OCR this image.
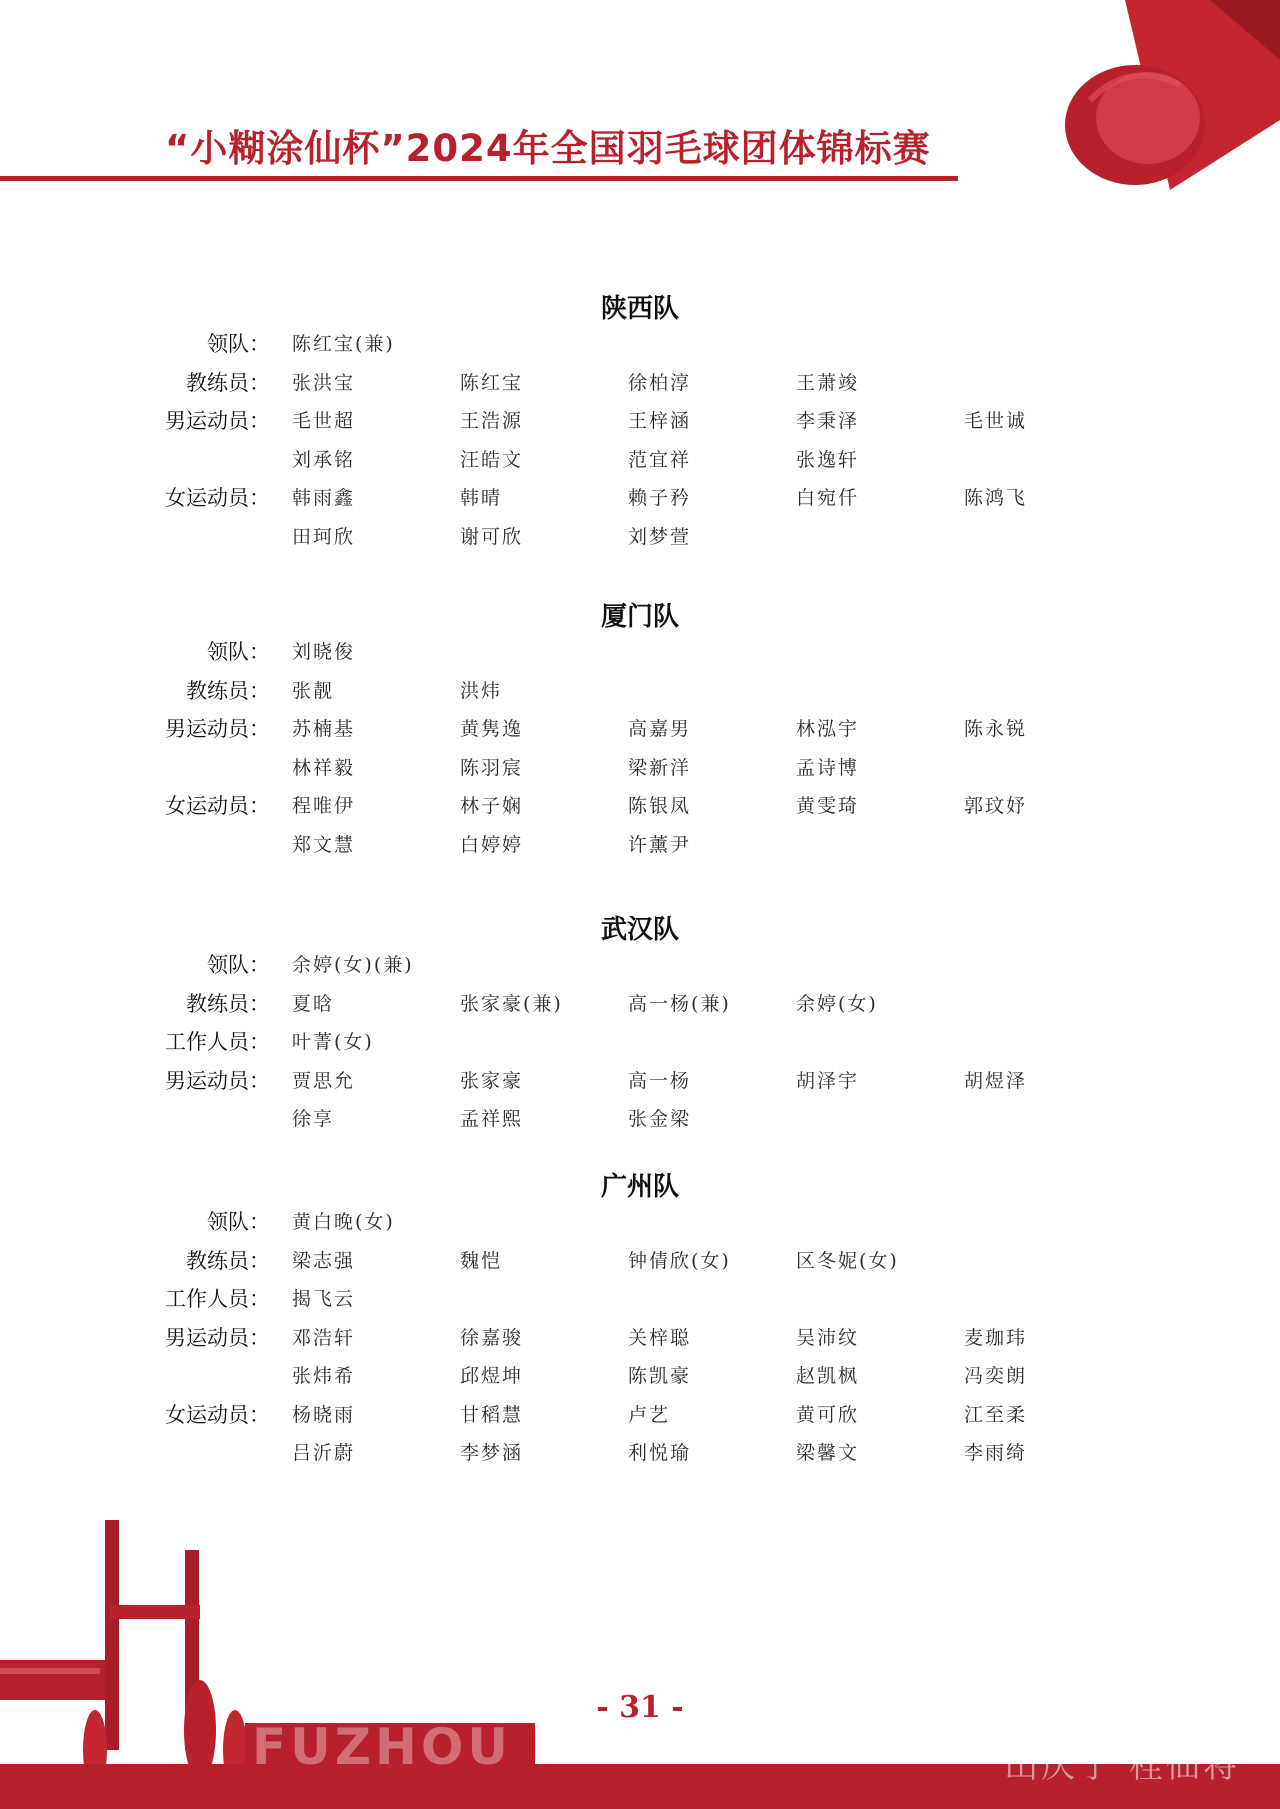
“小糊涂仙杯”2024年全国羽毛球团体锦标赛
陕西队
领队 ：	陈红宝(兼)
教练员 ：	张洪宝	陈红宝	徐柏淳	王萧竣
男运动员 ：	毛世超	王浩源	王梓涵	李秉泽	毛世诚
刘承铭	汪皓文	范宜祥	张逸轩
女运动员 ：	韩雨鑫	韩晴	赖子矜	白宛仟	陈鸿飞
田珂欣	谢可欣	刘梦萱
厦门队
领队 ：	刘晓俊
教练员 ：	张靓	洪炜
男运动员 ：	苏楠基	黄隽逸	高嘉男	林泓宇	陈永锐
林祥毅	陈羽宸	梁新洋	孟诗博
女运动员 ：	程唯伊	林子娴	陈银凤	黄雯琦	郭玟妤
郑文慧	白婷婷	许薰尹
武汉队
领队 ：	余婷(女)(兼)
教练员 ：	夏晗	张家豪(兼)	高一杨(兼)	余婷(女)
工作人员 ：	叶菁(女)
男运动员 ：	贾思允	张家豪	高一杨	胡泽宇	胡煜泽
徐享	孟祥熙	张金梁
广州队
领队 ：	黄白晚(女)
教练员 ：	梁志强	魏恺	钟倩欣(女)	区冬妮(女)
工作人员 ：	揭飞云
男运动员 ：	邓浩轩	徐嘉骏	关梓聪	吴沛纹	麦珈玮
张炜希	邱煜坤	陈凯豪	赵凯枫	冯奕朗
女运动员 ：	杨晓雨	甘稻慧	卢艺	黄可欣	江至柔
吕沂蔚	李梦涵	利悦瑜	梁馨文	李雨绮
FUZHOU
- 31 -
山庆了 桂仙将
